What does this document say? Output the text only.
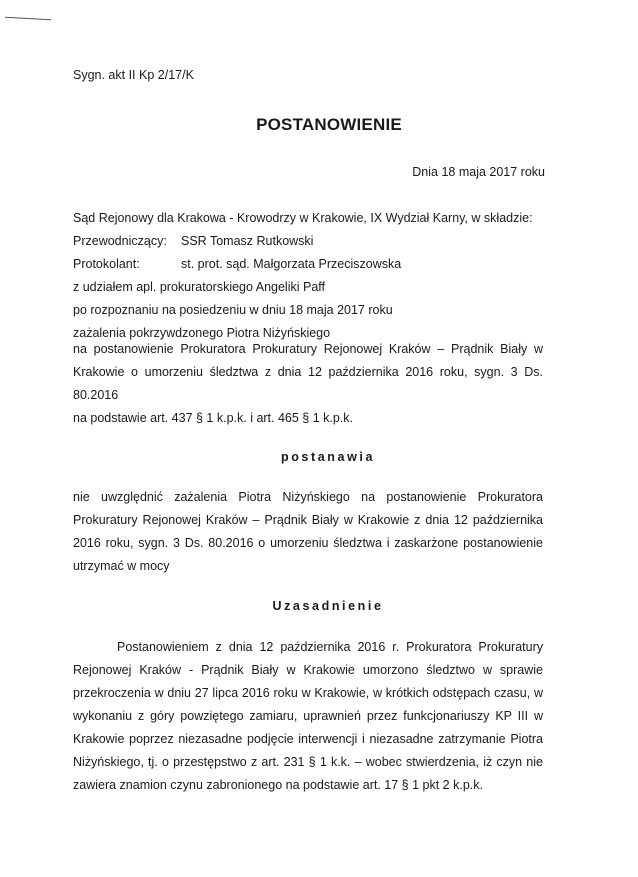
Sygn. akt II Kp 2/17/K
POSTANOWIENIE
Dnia 18 maja 2017 roku
Sąd Rejonowy dla Krakowa - Krowodrzy w Krakowie, IX Wydział Karny, w składzie:
Przewodniczący: SSR Tomasz Rutkowski
Protokolant:	st. prot. sąd. Małgorzata Przeciszowska
z udziałem apl. prokuratorskiego Angeliki Paff
po rozpoznaniu na posiedzeniu w dniu 18 maja 2017 roku
zażalenia pokrzywdzonego Piotra Niżyńskiego
na postanowienie Prokuratora Prokuratury Rejonowej Kraków – Prądnik Biały w
Krakowie o umorzeniu śledztwa z dnia 12 października 2016 roku, sygn. 3 Ds.
80.2016
na podstawie art. 437 § 1 k.p.k. i art. 465 § 1 k.p.k.
postanawia
nie uwzględnić zażalenia Piotra Niżyńskiego na postanowienie Prokuratora
Prokuratury Rejonowej Kraków – Prądnik Biały w Krakowie z dnia 12 października
2016 roku, sygn. 3 Ds. 80.2016 o umorzeniu śledztwa i zaskarżone postanowienie
utrzymać w mocy
Uzasadnienie
Postanowieniem z dnia 12 października 2016 r. Prokuratora Prokuratury
Rejonowej Kraków - Prądnik Biały w Krakowie umorzono śledztwo w sprawie
przekroczenia w dniu 27 lipca 2016 roku w Krakowie, w krótkich odstępach czasu, w
wykonaniu z góry powziętego zamiaru, uprawnień przez funkcjonariuszy KP III w
Krakowie poprzez niezasadne podjęcie interwencji i niezasadne zatrzymanie Piotra
Niżyńskiego, tj. o przestępstwo z art. 231 § 1 k.k. – wobec stwierdzenia, iż czyn nie
zawiera znamion czynu zabronionego na podstawie art. 17 § 1 pkt 2 k.p.k.
